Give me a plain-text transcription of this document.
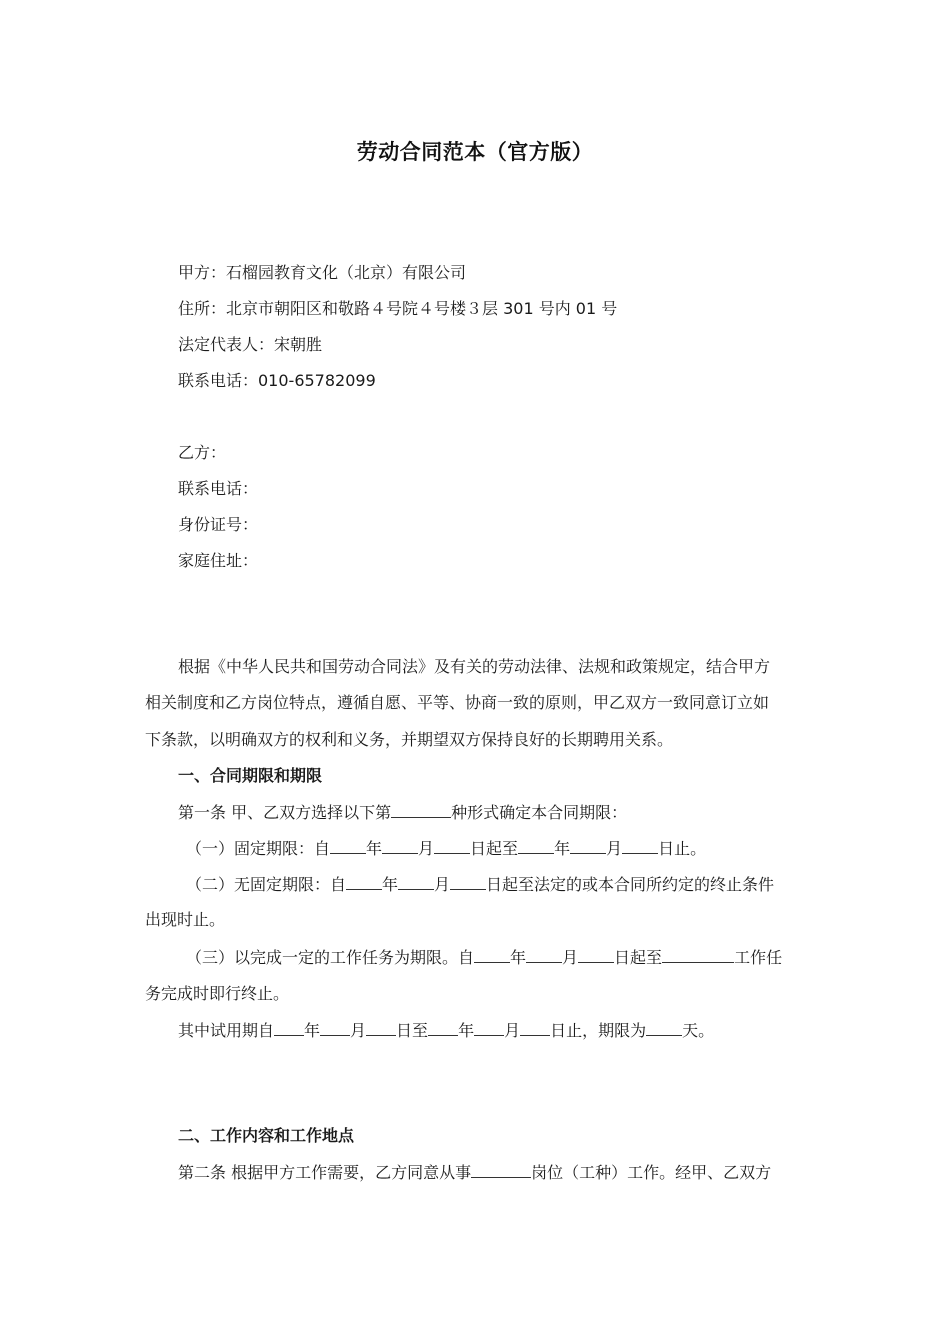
劳动合同范本（官方版）
甲方：石榴园教育文化（北京）有限公司
住所：北京市朝阳区和敬路４号院４号楼３层 301 号内 01 号
法定代表人：宋朝胜
联系电话：010-65782099
乙方：
联系电话：
身份证号：
家庭住址：
根据《中华人民共和国劳动合同法》及有关的劳动法律、法规和政策规定，结合甲方
相关制度和乙方岗位特点，遵循自愿、平等、协商一致的原则，甲乙双方一致同意订立如
下条款，以明确双方的权利和义务，并期望双方保持良好的长期聘用关系。
一、合同期限和期限
第一条 甲、乙双方选择以下第	种形式确定本合同期限：
（一）固定期限：自 年 月 日起至 年 月 日止。
（二）无固定期限：自 年 月 日起至法定的或本合同所约定的终止条件
出现时止。
（三）以完成一定的工作任务为期限。自 年 月 日起至	工作任
务完成时即行终止。
其中试用期自 年 月 日至 年 月 日止，期限为 天。
二、工作内容和工作地点
第二条 根据甲方工作需要，乙方同意从事	岗位（工种）工作。经甲、乙双方
